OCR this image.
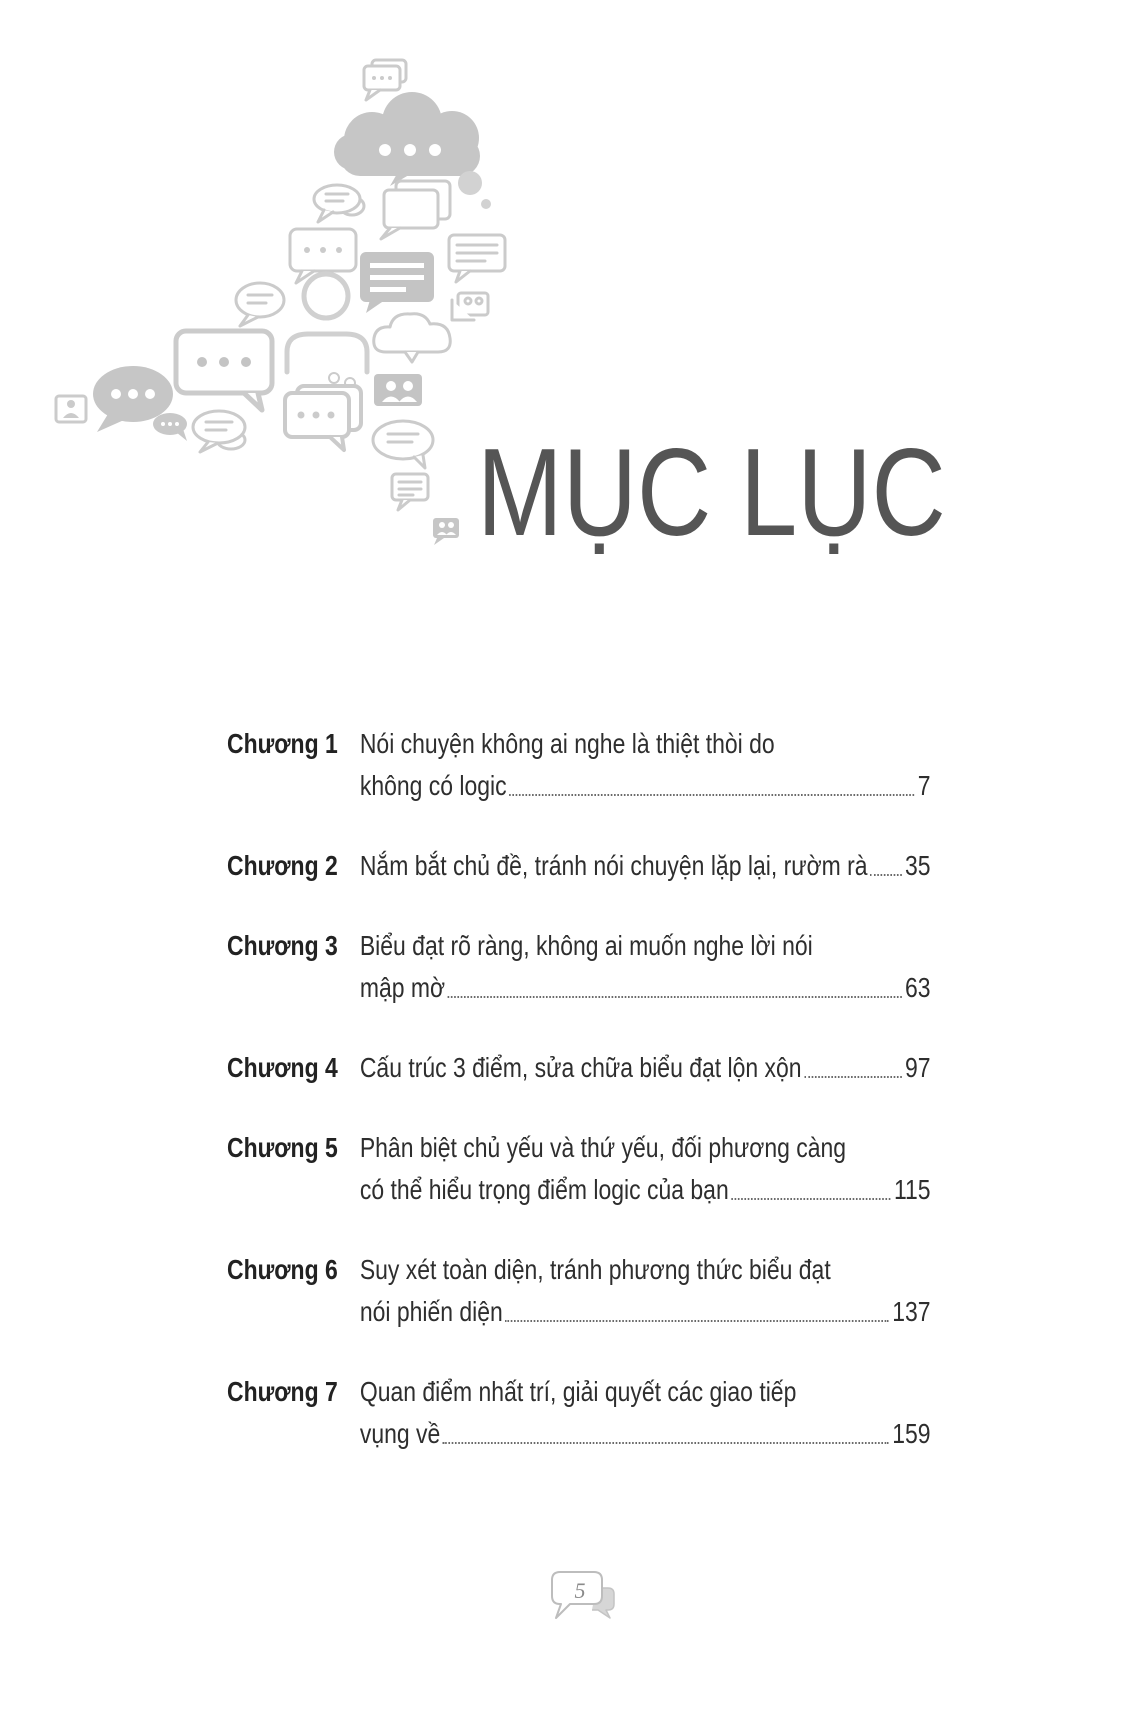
MỤC LỤC
Chương 1 Nói chuyện không ai nghe là thiệt thòi do
không có logic	7
Chương 2 Nắm bắt chủ đề, tránh nói chuyện lặp lại, rườm rà 35
Chương 3 Biểu đạt rõ ràng, không ai muốn nghe lời nói
mập mờ	63
Chương 4 Cấu trúc 3 điểm, sửa chữa biểu đạt lộn xộn	97
Chương 5 Phân biệt chủ yếu và thứ yếu, đối phương càng
có thể hiểu trọng điểm logic của bạn	115
Chương 6 Suy xét toàn diện, tránh phương thức biểu đạt
nói phiến diện	137
Chương 7 Quan điểm nhất trí, giải quyết các giao tiếp
vụng về	159
5
